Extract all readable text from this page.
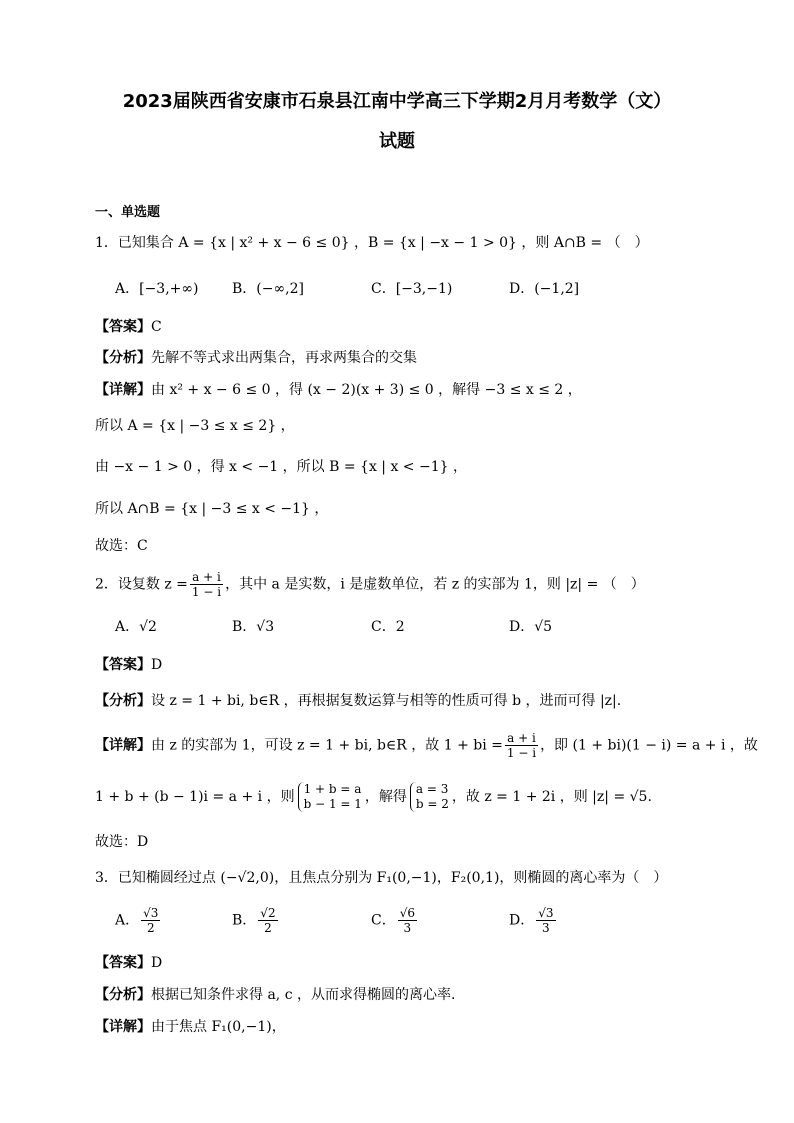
2023届陕西省安康市石泉县江南中学高三下学期2月月考数学（文）
试题
一、单选题
1．已知集合 A = {x | x² + x − 6 ≤ 0} ，B = {x | −x − 1 > 0} ，则 A∩B = （　）
A．[−3,+∞) B．(−∞,2]	C．[−3,−1)	D．(−1,2]
【答案】C
【分析】先解不等式求出两集合，再求两集合的交集
【详解】由 x² + x − 6 ≤ 0 ，得 (x − 2)(x + 3) ≤ 0 ，解得 −3 ≤ x ≤ 2 ，
所以 A = {x | −3 ≤ x ≤ 2} ，
由 −x − 1 > 0 ，得 x < −1 ，所以 B = {x | x < −1} ，
所以 A∩B = {x | −3 ≤ x < −1} ，
故选：C
2．设复数 $z = \frac{a + i}{1 - i}$ ，其中 a 是实数，i 是虚数单位，若 z 的实部为 1，则 |z| = （　）
A．√2	B．√3	C．2	D．√5
【答案】D
【分析】设 z = 1 + bi, b∈R ，再根据复数运算与相等的性质可得 b ，进而可得 |z|.
【详解】由 z 的实部为 1，可设 z = 1 + bi, b∈R ，故 1 + bi = $\frac{a + i}{1 - i}$ ，即 (1 + bi)(1 − i) = a + i ，故
1 + b + (b − 1)i = a + i ，则 1 + b = a
b − 1 = 1 ，解得 a = 3
b = 2 ，故 z = 1 + 2i ，则 |z| = √5.
故选：D
3．已知椭圆经过点 (−√2,0)，且焦点分别为 F₁(0,−1)，F₂(0,1)，则椭圆的离心率为（　）
A． $\frac{√3}{2}$	B． $\frac{√2}{2}$	C． $\frac{√6}{3}$	D． $\frac{√3}{3}$
【答案】D
【分析】根据已知条件求得 a, c ，从而求得椭圆的离心率.
【详解】由于焦点 F₁(0,−1)，
